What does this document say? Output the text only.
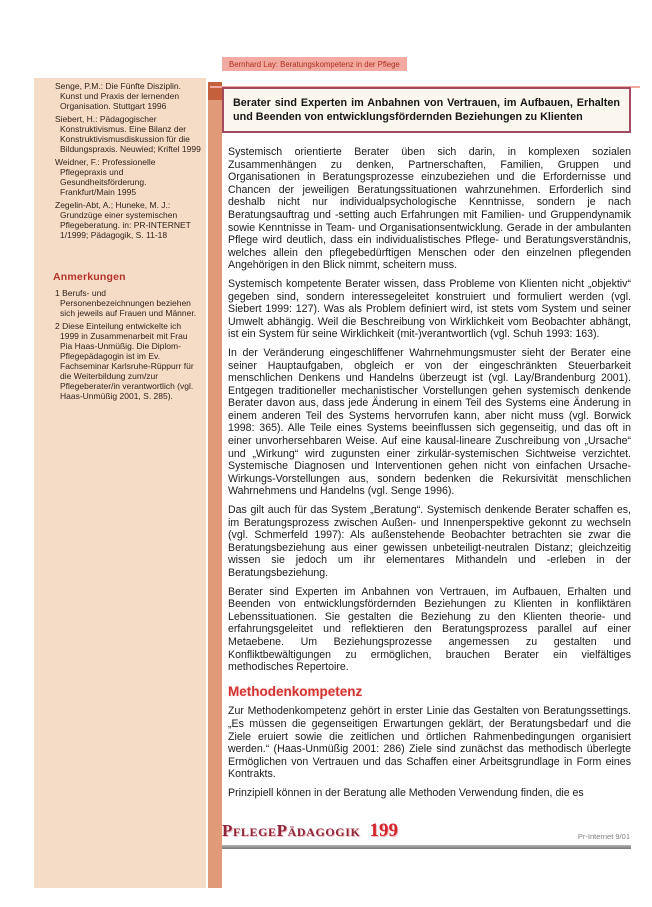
Senge, P.M.: Die Fünfte Disziplin. Kunst und Praxis der lernenden Organisation. Stuttgart 1996

Siebert, H.: Pädagogischer Konstruktivismus. Eine Bilanz der Konstruktivismusdiskussion für die Bildungspraxis. Neuwied; Kriftel 1999

Weidner, F.: Professionelle Pflegepraxis und Gesundheitsförderung. Frankfurt/Main 1995

Zegelin-Abt, A.; Huneke, M. J.: Grundzüge einer systemischen Pflegeberatung. in: PR-INTERNET 1/1999; Pädagogik, S. 11-18

Anmerkungen

1 Berufs- und Personenbezeichnungen beziehen sich jeweils auf Frauen und Männer.

2 Diese Einteilung entwickelte ich 1999 in Zusammenarbeit mit Frau Pia Haas-Unmüßig. Die Diplom-Pflegepädagogin ist im Ev. Fachseminar Karlsruhe-Rüppurr für die Weiterbildung zum/zur Pflegeberater/in verantwortlich (vgl. Haas-Unmüßig 2001, S. 285).

Bernhard Lay: Beratungskompetenz in der Pflege
Berater sind Experten im Anbahnen von Vertrauen, im Aufbauen, Erhalten und Beenden von entwicklungsfördernden Beziehungen zu Klienten

Systemisch orientierte Berater üben sich darin, in komplexen sozialen Zusammenhängen zu denken, Partnerschaften, Familien, Gruppen und Organisationen in Beratungsprozesse einzubeziehen und die Erfordernisse und Chancen der jeweiligen Beratungssituationen wahrzunehmen. Erforderlich sind deshalb nicht nur individualpsychologische Kenntnisse, sondern je nach Beratungsauftrag und -setting auch Erfahrungen mit Familien- und Gruppendynamik sowie Kenntnisse in Team- und Organisationsentwicklung. Gerade in der ambulanten Pflege wird deutlich, dass ein individualistisches Pflege- und Beratungsverständnis, welches allein den pflegebedürftigen Menschen oder den einzelnen pflegenden Angehörigen in den Blick nimmt, scheitern muss.

Systemisch kompetente Berater wissen, dass Probleme von Klienten nicht „objektiv“ gegeben sind, sondern interessegeleitet konstruiert und formuliert werden (vgl. Siebert 1999: 127). Was als Problem definiert wird, ist stets vom System und seiner Umwelt abhängig. Weil die Beschreibung von Wirklichkeit vom Beobachter abhängt, ist ein System für seine Wirklichkeit (mit-)verantwortlich (vgl. Schuh 1993: 163).

In der Veränderung eingeschliffener Wahrnehmungsmuster sieht der Berater eine seiner Hauptaufgaben, obgleich er von der eingeschränkten Steuerbarkeit menschlichen Denkens und Handelns überzeugt ist (vgl. Lay/Brandenburg 2001). Entgegen traditioneller mechanistischer Vorstellungen gehen systemisch denkende Berater davon aus, dass jede Änderung in einem Teil des Systems eine Änderung in einem anderen Teil des Systems hervorrufen kann, aber nicht muss (vgl. Borwick 1998: 365). Alle Teile eines Systems beeinflussen sich gegenseitig, und das oft in einer unvorhersehbaren Weise. Auf eine kausal-lineare Zuschreibung von „Ursache“ und „Wirkung“ wird zugunsten einer zirkulär-systemischen Sichtweise verzichtet. Systemische Diagnosen und Interventionen gehen nicht von einfachen Ursache-Wirkungs-Vorstellungen aus, sondern bedenken die Rekursivität menschlichen Wahrnehmens und Handelns (vgl. Senge 1996).

Das gilt auch für das System „Beratung“. Systemisch denkende Berater schaffen es, im Beratungsprozess zwischen Außen- und Innenperspektive gekonnt zu wechseln (vgl. Schmerfeld 1997): Als außenstehende Beobachter betrachten sie zwar die Beratungsbeziehung aus einer gewissen unbeteiligt-neutralen Distanz; gleichzeitig wissen sie jedoch um ihr elementares Mithandeln und -erleben in der Beratungsbeziehung.

Berater sind Experten im Anbahnen von Vertrauen, im Aufbauen, Erhalten und Beenden von entwicklungsfördernden Beziehungen zu Klienten in konfliktären Lebenssituationen. Sie gestalten die Beziehung zu den Klienten theorie- und erfahrungsgeleitet und reflektieren den Beratungsprozess parallel auf einer Metaebene. Um Beziehungsprozesse angemessen zu gestalten und Konfliktbewältigungen zu ermöglichen, brauchen Berater ein vielfältiges methodisches Repertoire.

Methodenkompetenz

Zur Methodenkompetenz gehört in erster Linie das Gestalten von Beratungssettings. „Es müssen die gegenseitigen Erwartungen geklärt, der Beratungsbedarf und die Ziele eruiert sowie die zeitlichen und örtlichen Rahmenbedingungen organisiert werden.“ (Haas-Unmüßig 2001: 286) Ziele sind zunächst das methodisch überlegte Ermöglichen von Vertrauen und das Schaffen einer Arbeitsgrundlage in Form eines Kontrakts.

Prinzipiell können in der Beratung alle Methoden Verwendung finden, die es

PflegePädagogik 199	Pr-Internet 9/01
